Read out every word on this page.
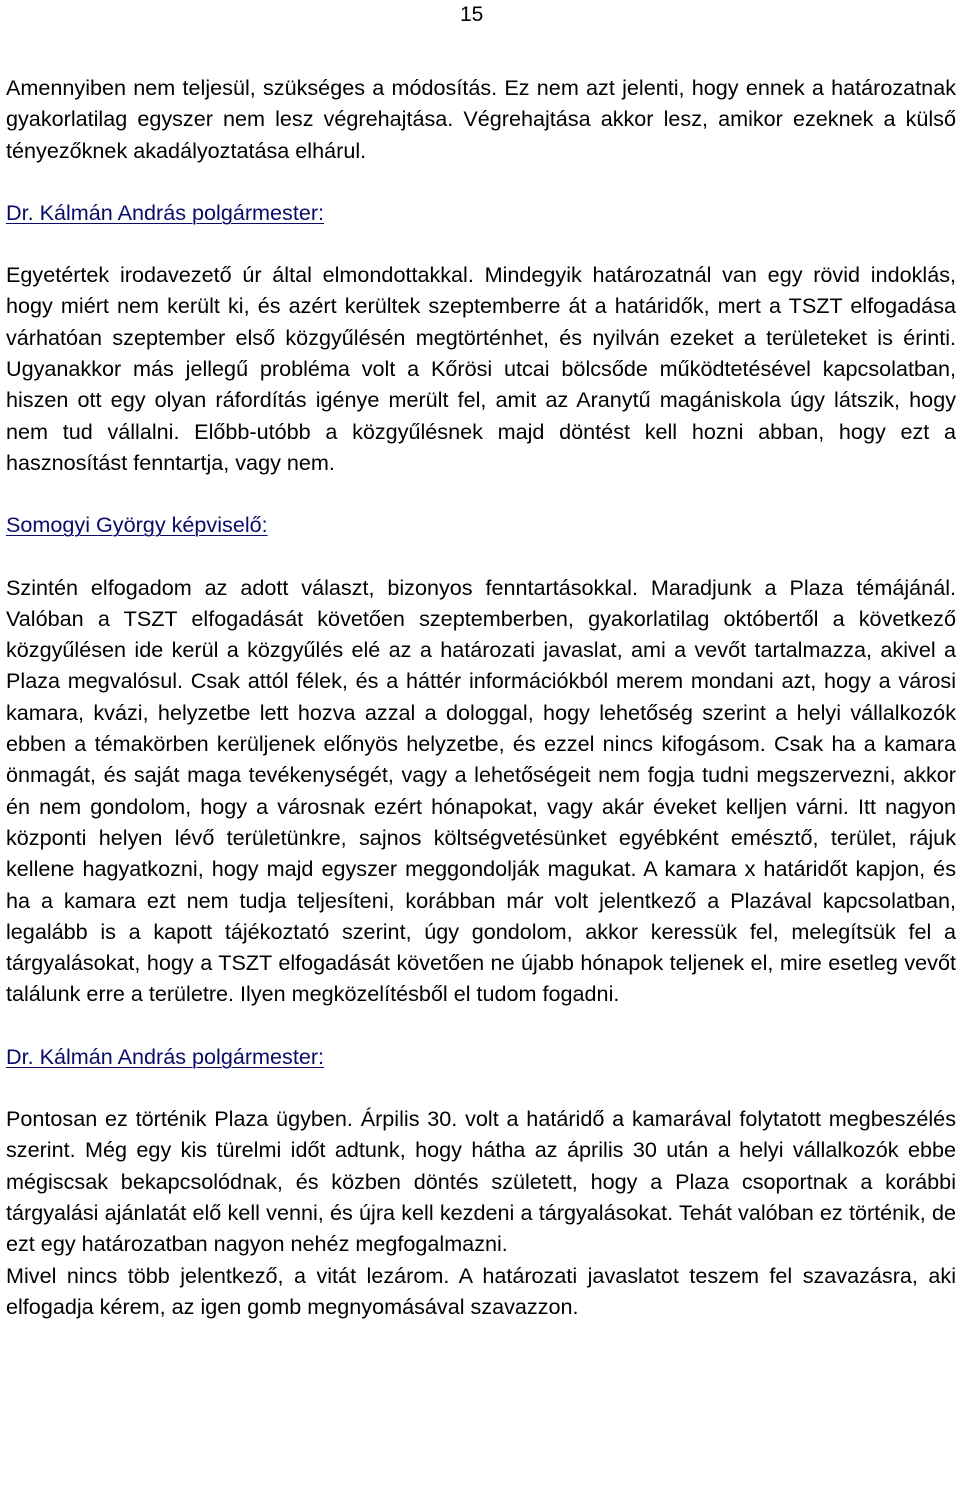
15

Amennyiben nem teljesül, szükséges a módosítás. Ez nem azt jelenti, hogy ennek a határozatnak gyakorlatilag egyszer nem lesz végrehajtása. Végrehajtása akkor lesz, amikor ezeknek a külső tényezőknek akadályoztatása elhárul.

Dr. Kálmán András polgármester:

Egyetértek irodavezető úr által elmondottakkal. Mindegyik határozatnál van egy rövid indoklás, hogy miért nem került ki, és azért kerültek szeptemberre át a határidők, mert a TSZT elfogadása várhatóan szeptember első közgyűlésén megtörténhet, és nyilván ezeket a területeket is érinti. Ugyanakkor más jellegű probléma volt a Kőrösi utcai bölcsőde működtetésével kapcsolatban, hiszen ott egy olyan ráfordítás igénye merült fel, amit az Aranytű magániskola úgy látszik, hogy nem tud vállalni. Előbb-utóbb a közgyűlésnek majd döntést kell hozni abban, hogy ezt a hasznosítást fenntartja, vagy nem.

Somogyi György képviselő:

Szintén elfogadom az adott választ, bizonyos fenntartásokkal. Maradjunk a Plaza témájánál. Valóban a TSZT elfogadását követően szeptemberben, gyakorlatilag októbertől a következő közgyűlésen ide kerül a közgyűlés elé az a határozati javaslat, ami a vevőt tartalmazza, akivel a Plaza megvalósul. Csak attól félek, és a háttér információkból merem mondani azt, hogy a városi kamara, kvázi, helyzetbe lett hozva azzal a dologgal, hogy lehetőség szerint a helyi vállalkozók ebben a témakörben kerüljenek előnyös helyzetbe, és ezzel nincs kifogásom. Csak ha a kamara önmagát, és saját maga tevékenységét, vagy a lehetőségeit nem fogja tudni megszervezni, akkor én nem gondolom, hogy a városnak ezért hónapokat, vagy akár éveket kelljen várni. Itt nagyon központi helyen lévő területünkre, sajnos költségvetésünket egyébként emésztő, terület, rájuk kellene hagyatkozni, hogy majd egyszer meggondolják magukat. A kamara x határidőt kapjon, és ha a kamara ezt nem tudja teljesíteni, korábban már volt jelentkező a Plazával kapcsolatban, legalább is a kapott tájékoztató szerint, úgy gondolom, akkor keressük fel, melegítsük fel a tárgyalásokat, hogy a TSZT elfogadását követően ne újabb hónapok teljenek el, mire esetleg vevőt találunk erre a területre. Ilyen megközelítésből el tudom fogadni.

Dr. Kálmán András polgármester:

Pontosan ez történik Plaza ügyben. Árpilis 30. volt a határidő a kamarával folytatott megbeszélés szerint. Még egy kis türelmi időt adtunk, hogy hátha az április 30 után a helyi vállalkozók ebbe mégiscsak bekapcsolódnak, és közben döntés született, hogy a Plaza csoportnak a korábbi tárgyalási ajánlatát elő kell venni, és újra kell kezdeni a tárgyalásokat. Tehát valóban ez történik, de ezt egy határozatban nagyon nehéz megfogalmazni.

Mivel nincs több jelentkező, a vitát lezárom. A határozati javaslatot teszem fel szavazásra, aki elfogadja kérem, az igen gomb megnyomásával szavazzon.
